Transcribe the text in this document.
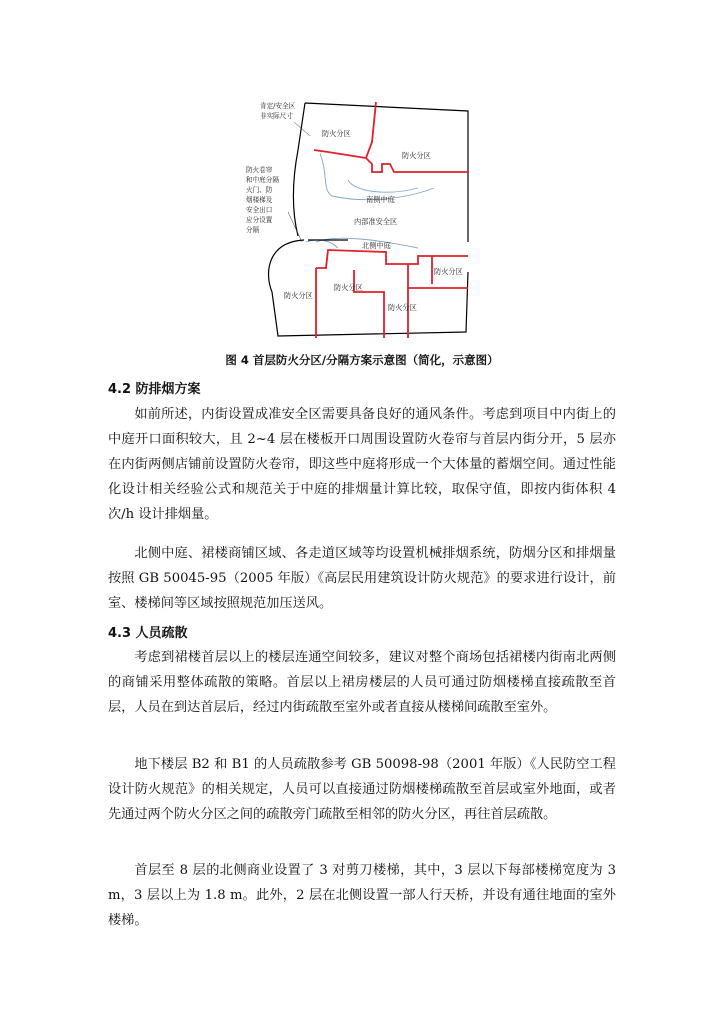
肯定/安全区
非实际尺寸
防火卷帘
和中庭分隔
火门、防
烟楼梯及
安全出口
应分设置
分隔
防火分区
防火分区
南侧中庭
内部准安全区
北侧中庭
防火分区
防火分区
防火分区
防火分区
图 4 首层防火分区/分隔方案示意图（简化，示意图）
4.2 防排烟方案

如前所述，内街设置成准安全区需要具备良好的通风条件。考虑到项目中内街上的中庭开口面积较大，且 2~4 层在楼板开口周围设置防火卷帘与首层内街分开，5 层亦在内街两侧店铺前设置防火卷帘，即这些中庭将形成一个大体量的蓄烟空间。通过性能化设计相关经验公式和规范关于中庭的排烟量计算比较，取保守值，即按内街体积 4 次/h 设计排烟量。

北侧中庭、裙楼商铺区域、各走道区域等均设置机械排烟系统，防烟分区和排烟量按照 GB 50045-95（2005 年版）《高层民用建筑设计防火规范》的要求进行设计，前室、楼梯间等区域按照规范加压送风。

4.3 人员疏散

考虑到裙楼首层以上的楼层连通空间较多，建议对整个商场包括裙楼内街南北两侧的商铺采用整体疏散的策略。首层以上裙房楼层的人员可通过防烟楼梯直接疏散至首层，人员在到达首层后，经过内街疏散至室外或者直接从楼梯间疏散至室外。

地下楼层 B2 和 B1 的人员疏散参考 GB 50098-98（2001 年版）《人民防空工程设计防火规范》的相关规定，人员可以直接通过防烟楼梯疏散至首层或室外地面，或者先通过两个防火分区之间的疏散旁门疏散至相邻的防火分区，再往首层疏散。

首层至 8 层的北侧商业设置了 3 对剪刀楼梯，其中，3 层以下每部楼梯宽度为 3 m，3 层以上为 1.8 m。此外，2 层在北侧设置一部人行天桥，并设有通往地面的室外楼梯。
